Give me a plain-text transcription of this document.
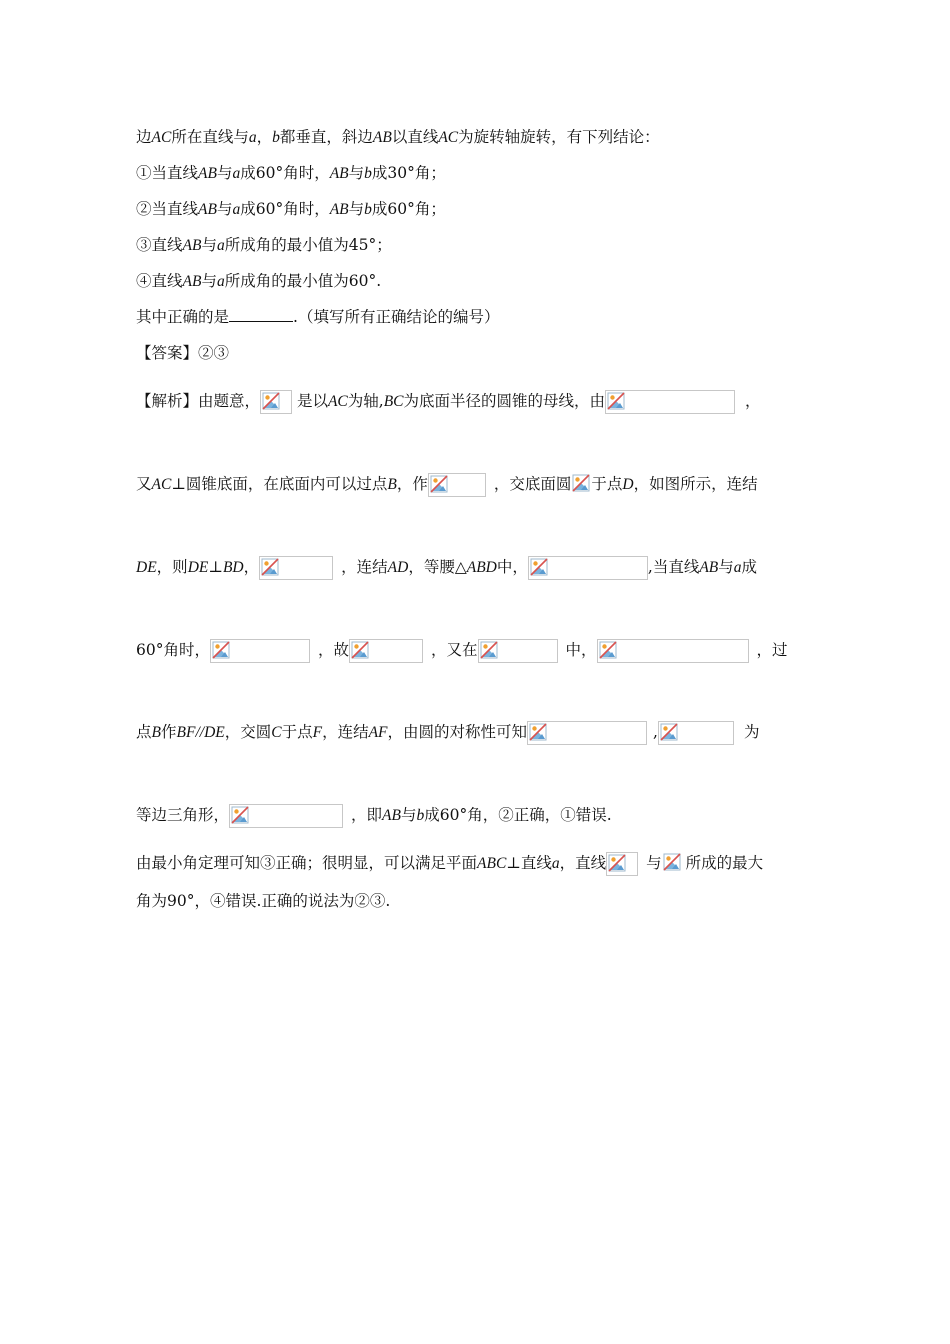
边AC所在直线与a，b都垂直，斜边AB以直线AC为旋转轴旋转，有下列结论：
①当直线AB与a成60°角时，AB与b成30°角；
②当直线AB与a成60°角时，AB与b成60°角；
③直线AB与a所成角的最小值为45°；
④直线AB与a所成角的最小值为60°.
其中正确的是	.（填写所有正确结论的编号）
【答案】②③
【解析】由题意， 是以AC为轴,BC为底面半径的圆锥的母线，由	，
又AC⊥圆锥底面，在底面内可以过点B，作	，交底面圆 于点D，如图所示，连结
DE，则DE⊥BD，	，连结AD，等腰△ABD中，	,当直线AB与a成
60°角时，	，故	，又在	中，	，过
点B作BF//DE，交圆C于点F，连结AF，由圆的对称性可知	,	为
等边三角形，	，即AB与b成60°角，②正确，①错误.
由最小角定理可知③正确；很明显，可以满足平面ABC⊥直线a，直线	与 所成的最大
角为90°，④错误.正确的说法为②③.
